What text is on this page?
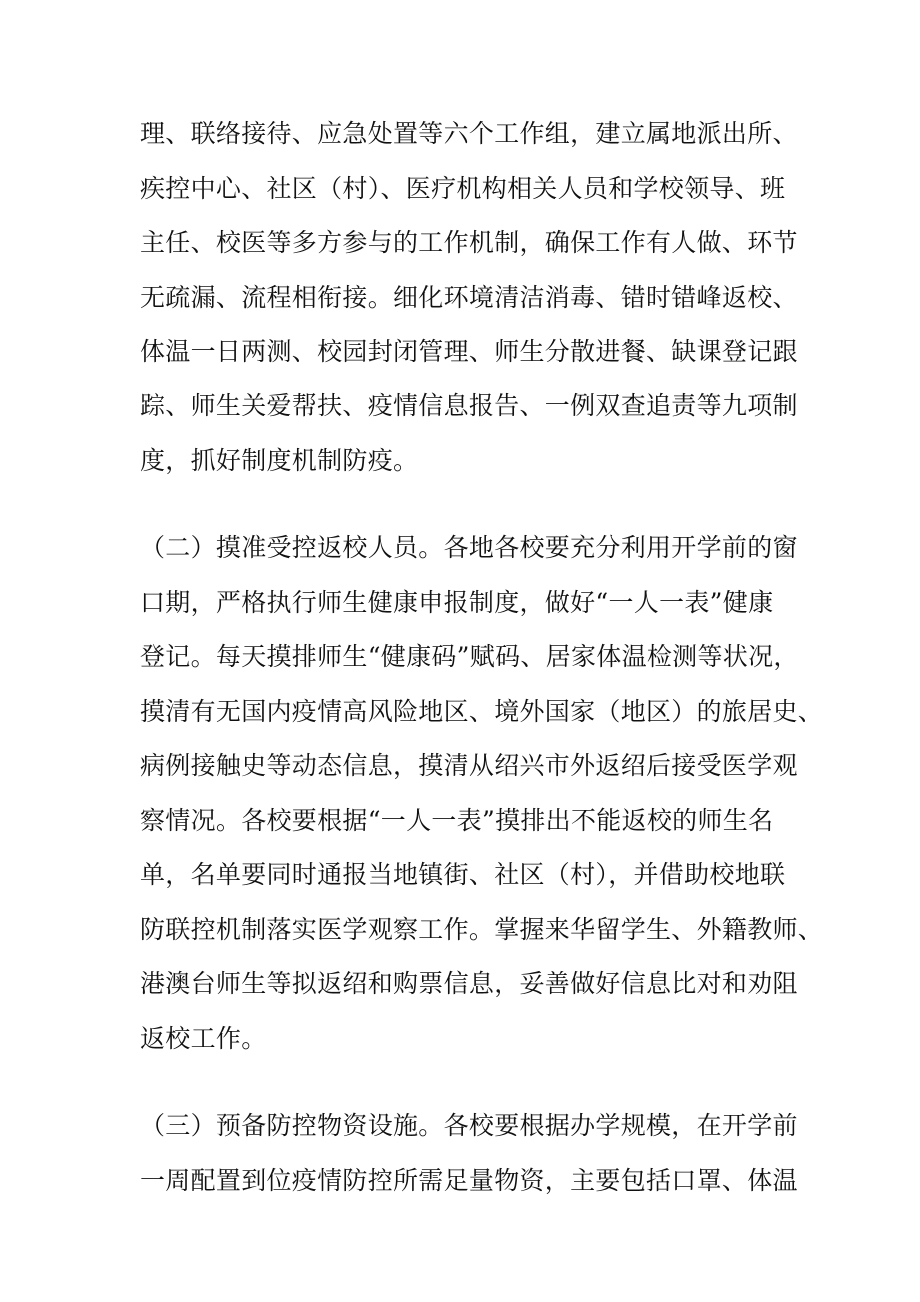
理、联络接待、应急处置等六个工作组，建立属地派出所、
疾控中心、社区（村）、医疗机构相关人员和学校领导、班
主任、校医等多方参与的工作机制，确保工作有人做、环节
无疏漏、流程相衔接。细化环境清洁消毒、错时错峰返校、
体温一日两测、校园封闭管理、师生分散进餐、缺课登记跟
踪、师生关爱帮扶、疫情信息报告、一例双查追责等九项制
度，抓好制度机制防疫。
（二）摸准受控返校人员。各地各校要充分利用开学前的窗
口期，严格执行师生健康申报制度，做好“一人一表”健康
登记。每天摸排师生“健康码”赋码、居家体温检测等状况，
摸清有无国内疫情高风险地区、境外国家（地区）的旅居史、
病例接触史等动态信息，摸清从绍兴市外返绍后接受医学观
察情况。各校要根据“一人一表”摸排出不能返校的师生名
单，名单要同时通报当地镇街、社区（村），并借助校地联
防联控机制落实医学观察工作。掌握来华留学生、外籍教师、
港澳台师生等拟返绍和购票信息，妥善做好信息比对和劝阻
返校工作。
（三）预备防控物资设施。各校要根据办学规模，在开学前
一周配置到位疫情防控所需足量物资，主要包括口罩、体温
